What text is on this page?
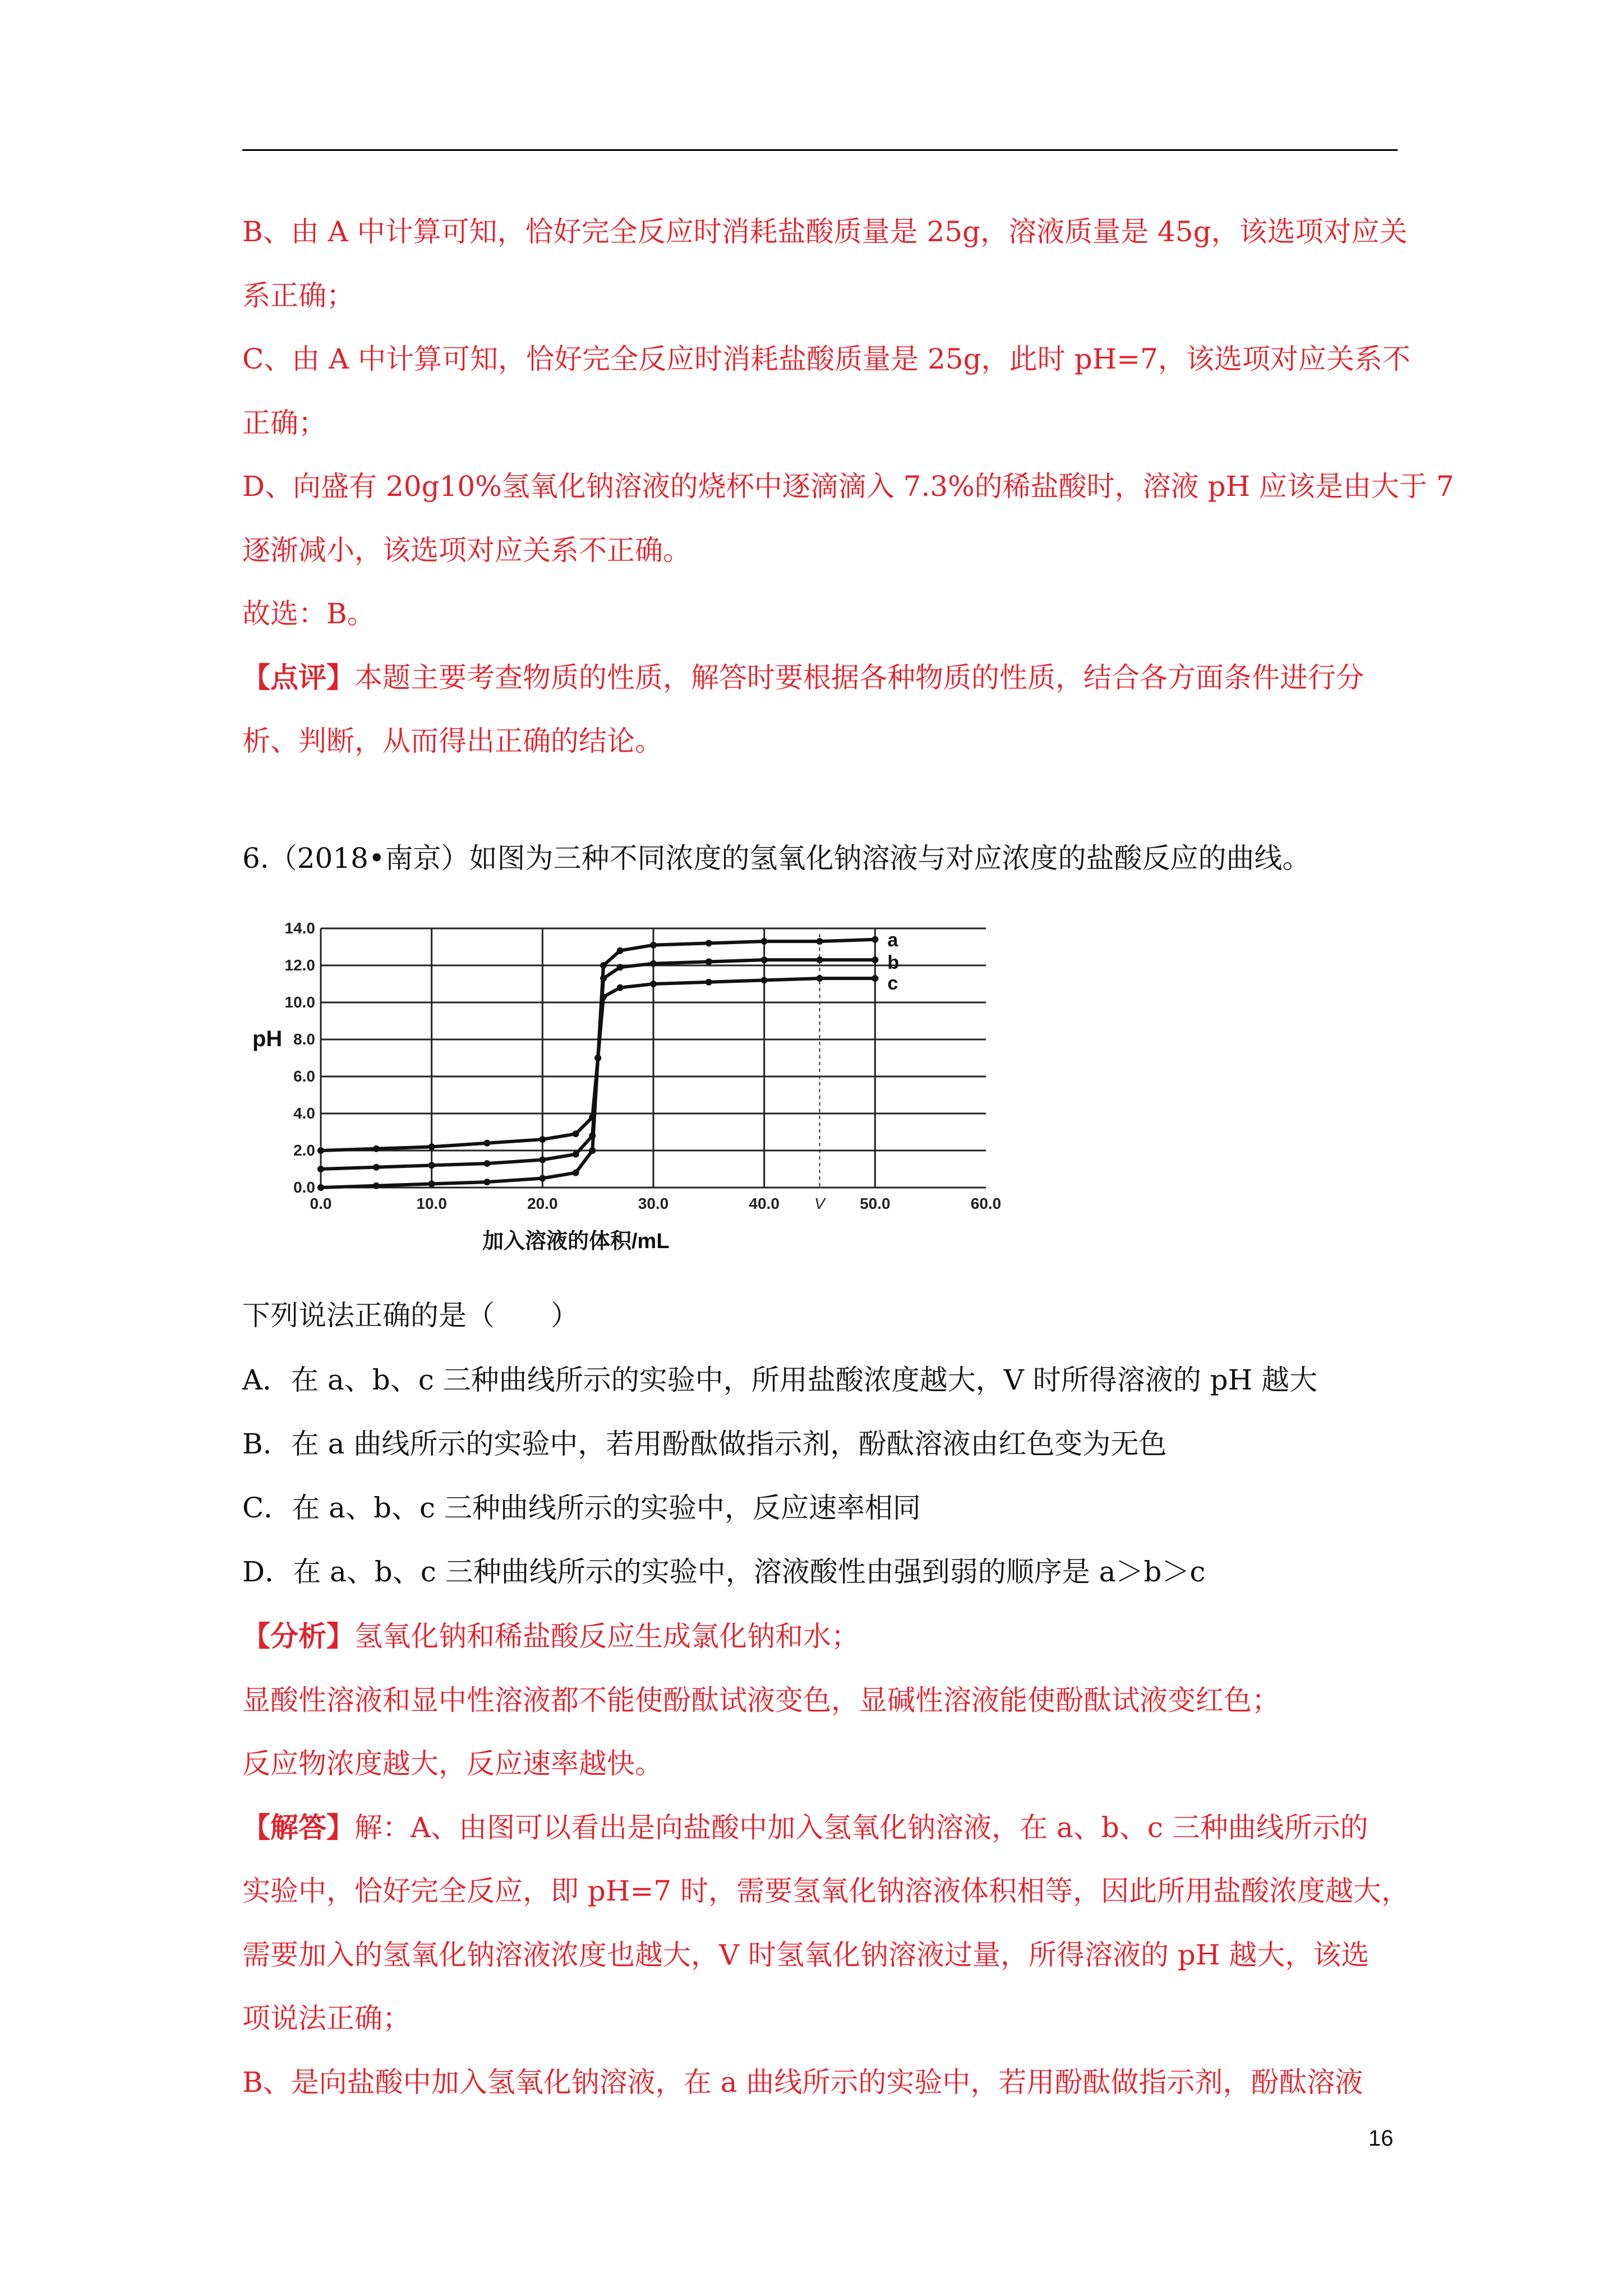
B、由 A 中计算可知，恰好完全反应时消耗盐酸质量是 25g，溶液质量是 45g，该选项对应关
系正确；
C、由 A 中计算可知，恰好完全反应时消耗盐酸质量是 25g，此时 pH=7，该选项对应关系不
正确；
D、向盛有 20g10%氢氧化钠溶液的烧杯中逐滴滴入 7.3%的稀盐酸时，溶液 pH 应该是由大于 7
逐渐减小，该选项对应关系不正确。
故选：B。
【点评】本题主要考查物质的性质，解答时要根据各种物质的性质，结合各方面条件进行分
析、判断，从而得出正确的结论。
6.（2018•南京）如图为三种不同浓度的氢氧化钠溶液与对应浓度的盐酸反应的曲线。
0.0
2.0
4.0
6.0
8.0
10.0
12.0
14.0
0.0	10.0	20.0	30.0	40.0	50.0	60.0
V
a
b
c
pH
加入溶液的体积/mL
下列说法正确的是（　　）
A．在 a、b、c 三种曲线所示的实验中，所用盐酸浓度越大，V 时所得溶液的 pH 越大
B．在 a 曲线所示的实验中，若用酚酞做指示剂，酚酞溶液由红色变为无色
C．在 a、b、c 三种曲线所示的实验中，反应速率相同
D．在 a、b、c 三种曲线所示的实验中，溶液酸性由强到弱的顺序是 a＞b＞c
【分析】氢氧化钠和稀盐酸反应生成氯化钠和水；
显酸性溶液和显中性溶液都不能使酚酞试液变色，显碱性溶液能使酚酞试液变红色；
反应物浓度越大，反应速率越快。
【解答】解：A、由图可以看出是向盐酸中加入氢氧化钠溶液，在 a、b、c 三种曲线所示的
实验中，恰好完全反应，即 pH=7 时，需要氢氧化钠溶液体积相等，因此所用盐酸浓度越大，
需要加入的氢氧化钠溶液浓度也越大，V 时氢氧化钠溶液过量，所得溶液的 pH 越大，该选
项说法正确；
B、是向盐酸中加入氢氧化钠溶液，在 a 曲线所示的实验中，若用酚酞做指示剂，酚酞溶液
16
